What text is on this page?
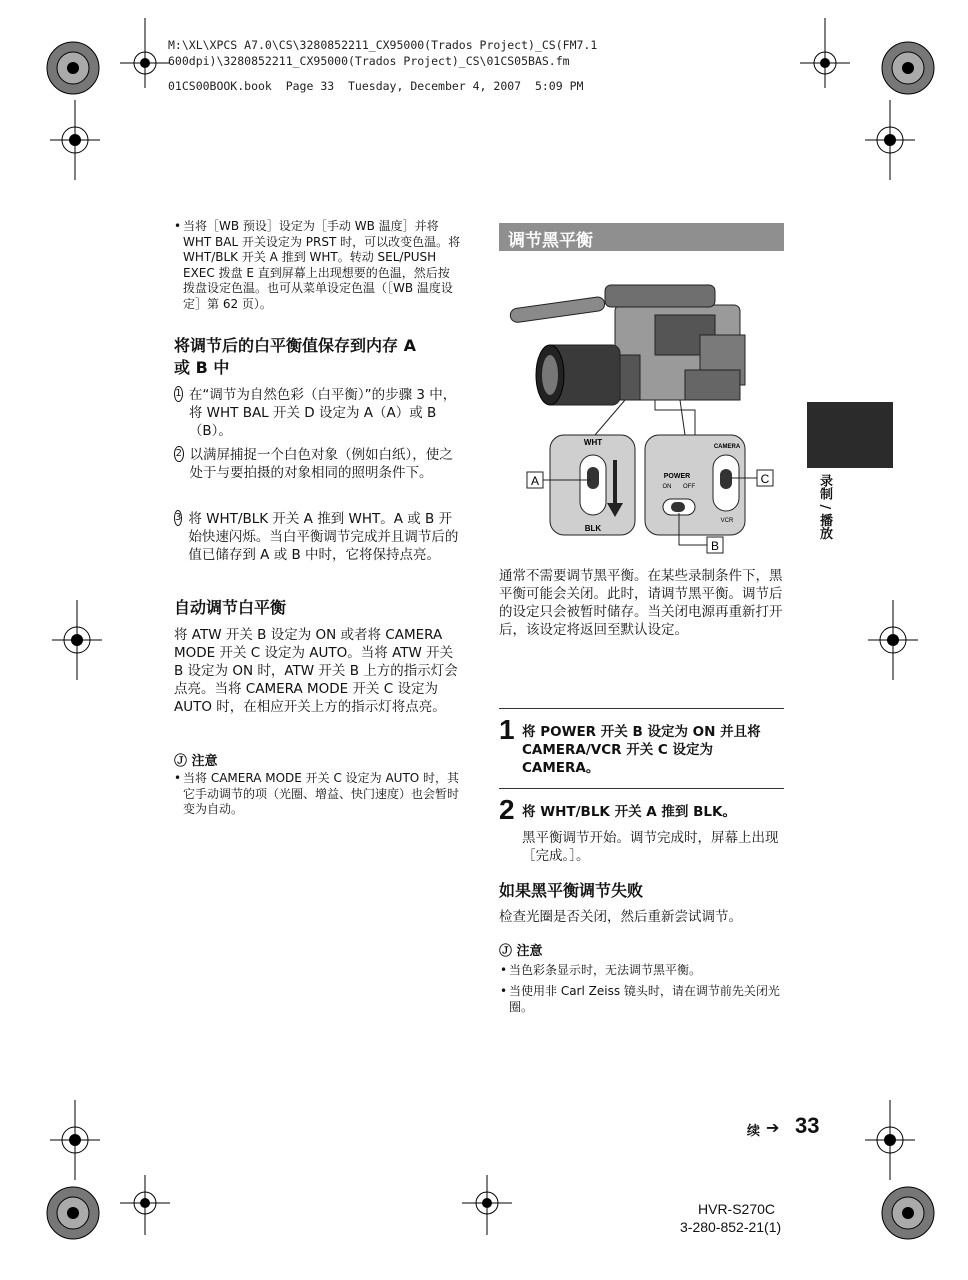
M:\XL\XPCS A7.0\CS\3280852211_CX95000(Trados Project)_CS(FM7.1
600dpi)\3280852211_CX95000(Trados Project)_CS\01CS05BAS.fm
01CS00BOOK.book  Page 33  Tuesday, December 4, 2007  5:09 PM
• 当将［WB 预设］设定为［手动 WB 温度］并将 WHT BAL 开关设定为 PRST 时，可以改变色温。将 WHT/BLK 开关 A 推到 WHT。转动 SEL/PUSH EXEC 拨盘 E 直到屏幕上出现想要的色温，然后按拨盘设定色温。也可从菜单设定色温（［WB 温度设定］第 62 页）。
将调节后的白平衡值保存到内存 A
或 B 中
1 在“调节为自然色彩（白平衡）”的步骤 3 中，将 WHT BAL 开关 D 设定为 A（A）或 B（B）。
2 以满屏捕捉一个白色对象（例如白纸），使之处于与要拍摄的对象相同的照明条件下。
3 将 WHT/BLK 开关 A 推到 WHT。A 或 B 开始快速闪烁。当白平衡调节完成并且调节后的值已储存到 A 或 B 中时，它将保持点亮。
自动调节白平衡
将 ATW 开关 B 设定为 ON 或者将 CAMERA MODE 开关 C 设定为 AUTO。当将 ATW 开关 B 设定为 ON 时，ATW 开关 B 上方的指示灯会点亮。当将 CAMERA MODE 开关 C 设定为 AUTO 时，在相应开关上方的指示灯将点亮。
Ⓙ 注意
• 当将 CAMERA MODE 开关 C 设定为 AUTO 时，其它手动调节的项（光圈、增益、快门速度）也会暂时变为自动。
调节黑平衡
WHT
BLK
CAMERA
POWER
ON OFF
VCR
A	C
B
通常不需要调节黑平衡。在某些录制条件下，黑平衡可能会关闭。此时，请调节黑平衡。调节后的设定只会被暂时储存。当关闭电源再重新打开后，该设定将返回至默认设定。
1 将 POWER 开关 B 设定为 ON 并且将 CAMERA/VCR 开关 C 设定为 CAMERA。
2 将 WHT/BLK 开关 A 推到 BLK。
黑平衡调节开始。调节完成时，屏幕上出现［完成。］。
如果黑平衡调节失败
检查光圈是否关闭，然后重新尝试调节。
Ⓙ 注意
• 当色彩条显示时，无法调节黑平衡。
• 当使用非 Carl Zeiss 镜头时，请在调节前先关闭光圈。
录制 / 播放
续 ➔ 33
HVR-S270C
3-280-852-21(1)
